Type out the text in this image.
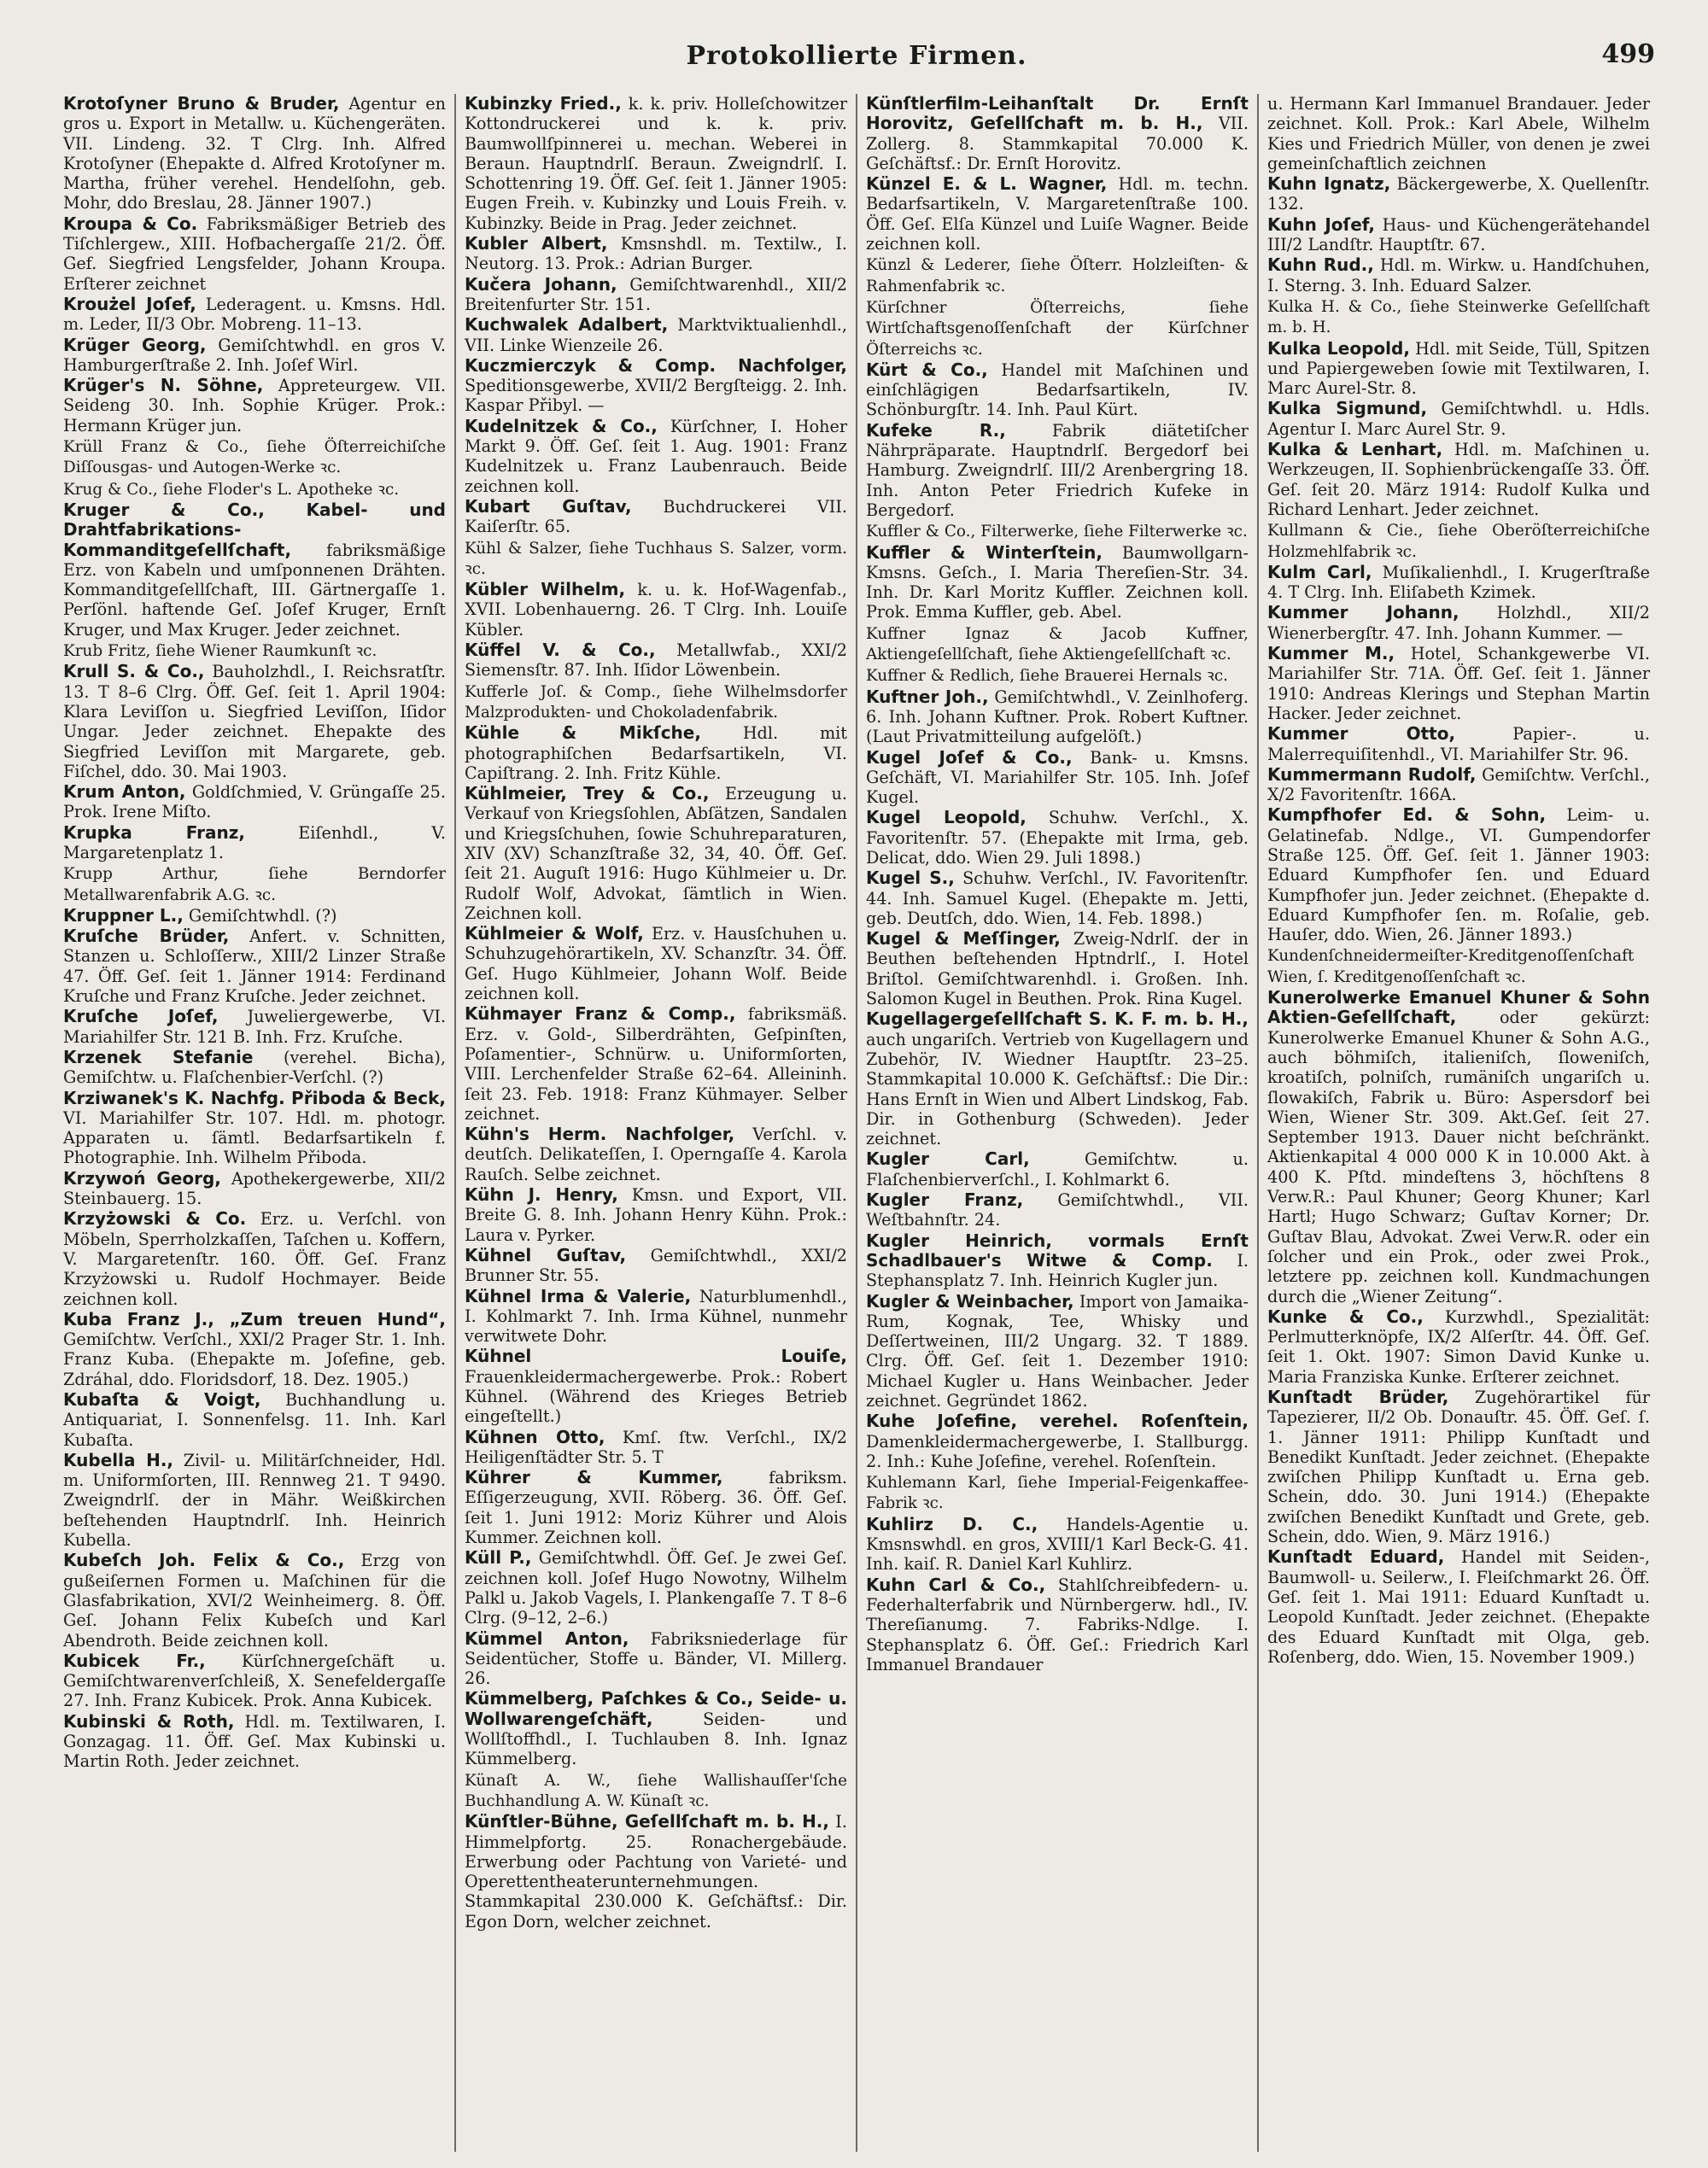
Protokollierte Firmen.	499

Krotoſyner Bruno & Bruder, Agentur en gros u. Export in Metallw. u. Küchengeräten. VII. Lindeng. 32. T Clrg. Inh. Alfred Krotoſyner (Ehepakte d. Alfred Krotoſyner m. Martha, früher verehel. Hendelſohn, geb. Mohr, ddo Breslau, 28. Jänner 1907.)

Kroupa & Co. Fabriksmäßiger Betrieb des Tiſchlergew., XIII. Hofbachergaſſe 21/2. Öff. Gef. Siegfried Lengsfelder, Johann Kroupa. Erſterer zeichnet

Kroużel Joſef, Lederagent. u. Kmsns. Hdl. m. Leder, II/3 Obr. Mobreng. 11–13.

Krüger Georg, Gemiſchtwhdl. en gros V. Hamburgerſtraße 2. Inh. Joſef Wirl.

Krüger's N. Söhne, Appreteurgew. VII. Seideng 30. Inh. Sophie Krüger. Prok.: Hermann Krüger jun.

Krüll Franz & Co., ſiehe Öſterreichiſche Diſſousgas- und Autogen-Werke ꝛc.

Krug & Co., ſiehe Floder's L. Apotheke ꝛc.

Kruger & Co., Kabel- und Drahtfabrikations-Kommanditgeſellſchaft, fabriksmäßige Erz. von Kabeln und umſponnenen Drähten. Kommanditgeſellſchaft, III. Gärtnergaſſe 1. Perſönl. haftende Geſ. Joſef Kruger, Ernſt Kruger, und Max Kruger. Jeder zeichnet.

Krub Fritz, ſiehe Wiener Raumkunſt ꝛc.

Krull S. & Co., Bauholzhdl., I. Reichsratſtr. 13. T 8–6 Clrg. Öff. Geſ. ſeit 1. April 1904: Klara Leviſſon u. Siegfried Leviſſon, Iſidor Ungar. Jeder zeichnet. Ehepakte des Siegfried Leviſſon mit Margarete, geb. Fiſchel, ddo. 30. Mai 1903.

Krum Anton, Goldſchmied, V. Grüngaſſe 25. Prok. Irene Miſto.

Krupka Franz,	Eiſenhdl., V. Margaretenplatz 1.

Krupp Arthur, ſiehe Berndorfer Metallwarenfabrik A.G. ꝛc.

Kruppner L., Gemiſchtwhdl. (?)

Kruſche Brüder, Anfert. v. Schnitten, Stanzen u. Schloſſerw., XIII/2 Linzer Straße 47. Öff. Geſ. ſeit 1. Jänner 1914: Ferdinand Kruſche und Franz Kruſche. Jeder zeichnet.

Kruſche Joſef, Juweliergewerbe, VI. Mariahilfer Str. 121 B. Inh. Frz. Kruſche.

Krzenek Stefanie (verehel. Bicha), Gemiſchtw. u. Flaſchenbier-Verſchl. (?)

Krziwanek's K. Nachfg. Přiboda & Beck, VI. Mariahilfer Str. 107. Hdl. m. photogr. Apparaten u. ſämtl. Bedarfsartikeln f. Photographie. Inh. Wilhelm Přiboda.

Krzywoń Georg, Apothekergewerbe, XII/2 Steinbauerg. 15.

Krzyżowski & Co. Erz. u. Verſchl. von Möbeln, Sperrholzkaſſen, Taſchen u. Koffern, V. Margaretenſtr. 160. Öff. Geſ. Franz Krzyżowski u. Rudolf Hochmayer. Beide zeichnen koll.

Kuba Franz J., „Zum treuen Hund“, Gemiſchtw. Verſchl., XXI/2 Prager Str. 1. Inh. Franz Kuba. (Ehepakte m. Joſefine, geb. Zdráhal, ddo. Floridsdorf, 18. Dez. 1905.)

Kubaſta & Voigt, Buchhandlung u. Antiquariat, I. Sonnenfelsg. 11. Inh. Karl Kubaſta.

Kubella H., Zivil- u. Militärſchneider, Hdl. m. Uniformſorten, III. Rennweg 21. T 9490. Zweigndrlſ. der in Mähr. Weißkirchen beſtehenden Hauptndrlſ. Inh. Heinrich Kubella.

Kubeſch Joh. Felix & Co., Erzg von gußeiſernen Formen u. Maſchinen für die Glasfabrikation, XVI/2 Weinheimerg. 8. Öff. Geſ. Johann Felix Kubeſch und Karl Abendroth. Beide zeichnen koll.

Kubicek Fr., Kürſchnergeſchäft u. Gemiſchtwarenverſchleiß, X. Senefeldergaſſe 27. Inh. Franz Kubicek. Prok. Anna Kubicek.

Kubinski & Roth, Hdl. m. Textilwaren, I. Gonzagag. 11. Öff. Geſ. Max Kubinski u. Martin Roth. Jeder zeichnet.

Kubinzky Fried., k. k. priv. Holleſchowitzer Kottondruckerei und k. k. priv. Baumwollſpinnerei u. mechan. Weberei in Beraun. Hauptndrlſ. Beraun. Zweigndrlſ. I. Schottenring 19. Öff. Geſ. ſeit 1. Jänner 1905: Eugen Freih. v. Kubinzky und Louis Freih. v. Kubinzky. Beide in Prag. Jeder zeichnet.

Kubler Albert, Kmsnshdl. m. Textilw., I. Neutorg. 13. Prok.: Adrian Burger.

Kučera Johann, Gemiſchtwarenhdl., XII/2 Breitenfurter Str. 151.

Kuchwalek Adalbert, Marktviktualienhdl., VII. Linke Wienzeile 26.

Kuczmierczyk & Comp. Nachfolger, Speditionsgewerbe, XVII/2 Bergſteigg. 2. Inh. Kaspar Přibyl. —

Kudelnitzek & Co., Kürſchner, I. Hoher Markt 9. Öff. Geſ. ſeit 1. Aug. 1901: Franz Kudelnitzek u. Franz Laubenrauch. Beide zeichnen koll.

Kubart Guſtav, Buchdruckerei VII. Kaiſerſtr. 65.

Kühl & Salzer, ſiehe Tuchhaus S. Salzer, vorm. ꝛc.

Kübler Wilhelm, k. u. k. Hof-Wagenfab., XVII. Lobenhauerng. 26. T Clrg. Inh. Louiſe Kübler.

Küffel V. & Co., Metallwfab., XXI/2 Siemensſtr. 87. Inh. Iſidor Löwenbein.

Kufferle Joſ. & Comp., ſiehe Wilhelmsdorfer Malzprodukten- und Chokoladenfabrik.

Kühle & Mikſche,	Hdl. mit photographiſchen Bedarfsartikeln, VI. Capiſtrang. 2. Inh. Fritz Kühle.

Kühlmeier, Trey & Co., Erzeugung u. Verkauf von Kriegsſohlen, Abſätzen, Sandalen und Kriegsſchuhen, ſowie Schuhreparaturen, XIV (XV) Schanzſtraße 32, 34, 40. Öff. Geſ. ſeit 21. Auguſt 1916: Hugo Kühlmeier u. Dr. Rudolf Wolf, Advokat, ſämtlich in Wien. Zeichnen koll.

Kühlmeier & Wolf, Erz. v. Hausſchuhen u. Schuhzugehörartikeln, XV. Schanzſtr. 34. Öff. Geſ. Hugo Kühlmeier, Johann Wolf. Beide zeichnen koll.

Kühmayer Franz & Comp., fabriksmäß. Erz. v. Gold-, Silberdrähten, Geſpinſten, Poſamentier-, Schnürw. u. Uniformſorten, VIII. Lerchenfelder Straße 62–64. Alleininh. ſeit 23. Feb. 1918: Franz Kühmayer. Selber zeichnet.

Kühn's Herm. Nachfolger, Verſchl. v. deutſch. Delikateſſen, I. Operngaſſe 4. Karola Rauſch. Selbe zeichnet.

Kühn J. Henry, Kmsn. und Export, VII. Breite G. 8. Inh. Johann Henry Kühn. Prok.: Laura v. Pyrker.

Kühnel Guſtav, Gemiſchtwhdl., XXI/2 Brunner Str. 55.

Kühnel Irma & Valerie, Naturblumenhdl., I. Kohlmarkt 7. Inh. Irma Kühnel, nunmehr verwitwete Dohr.

Kühnel Louiſe, Frauenkleidermachergewerbe. Prok.: Robert Kühnel. (Während des Krieges Betrieb eingeſtellt.)

Kühnen Otto, Kmſ. ſtw. Verſchl., IX/2 Heiligenſtädter Str. 5. T

Kührer & Kummer,	fabriksm. Eſſigerzeugung, XVII. Röberg. 36. Öff. Geſ. ſeit 1. Juni 1912: Moriz Kührer und Alois Kummer. Zeichnen koll.

Küll P., Gemiſchtwhdl. Öff. Geſ. Je zwei Geſ. zeichnen koll. Joſef Hugo Nowotny, Wilhelm Palkl u. Jakob Vagels, I. Plankengaſſe 7. T 8–6 Clrg. (9–12, 2–6.)

Kümmel Anton, Fabriksniederlage für Seidentücher, Stoffe u. Bänder, VI. Millerg. 26.

Kümmelberg, Paſchkes & Co., Seide- u. Wollwarengeſchäft,	Seiden- und Wollſtoffhdl., I. Tuchlauben 8. Inh. Ignaz Kümmelberg.

Künaſt A. W., ſiehe Wallishauſſer'ſche Buchhandlung A. W. Künaſt ꝛc.

Künſtler-Bühne, Geſellſchaft m. b. H., I. Himmelpfortg. 25. Ronachergebäude. Erwerbung oder Pachtung von Varieté- und Operettentheaterunternehmungen. Stammkapital 230.000 K. Geſchäftsf.: Dir. Egon Dorn, welcher zeichnet.

Künſtlerfilm-Leihanſtalt Dr. Ernſt Horovitz, Geſellſchaft m. b. H., VII. Zollerg. 8. Stammkapital 70.000 K. Geſchäftsf.: Dr. Ernſt Horovitz.

Künzel E. & L. Wagner, Hdl. m. techn. Bedarfsartikeln, V. Margaretenſtraße 100. Öff. Geſ. Elſa Künzel und Luiſe Wagner. Beide zeichnen koll.

Künzl & Lederer, ſiehe Öſterr. Holzleiſten- & Rahmenfabrik ꝛc.

Kürſchner Öſterreichs, ſiehe Wirtſchaftsgenoſſenſchaft der Kürſchner Öſterreichs ꝛc.

Kürt & Co., Handel mit Maſchinen und einſchlägigen Bedarfsartikeln, IV. Schönburgſtr. 14. Inh. Paul Kürt.

Kufeke R.,	Fabrik diätetiſcher Nährpräparate. Hauptndrlſ. Bergedorf bei Hamburg. Zweigndrlſ. III/2 Arenbergring 18. Inh. Anton Peter Friedrich Kufeke in Bergedorf.

Kuffler & Co., Filterwerke, ſiehe Filterwerke ꝛc.

Kuffler & Winterſtein, Baumwollgarn-Kmsns. Geſch., I. Maria Thereſien-Str. 34. Inh. Dr. Karl Moritz Kuffler. Zeichnen koll. Prok. Emma Kuffler, geb. Abel.

Kuffner Ignaz & Jacob Kuffner, Aktiengeſellſchaft, ſiehe Aktiengeſellſchaft ꝛc.

Kuffner & Redlich, ſiehe Brauerei Hernals ꝛc.

Kuftner Joh., Gemiſchtwhdl., V. Zeinlhoferg. 6. Inh. Johann Kuftner. Prok. Robert Kuftner. (Laut Privatmitteilung aufgelöſt.)

Kugel Joſef & Co., Bank- u. Kmsns. Geſchäft, VI. Mariahilfer Str. 105. Inh. Joſef Kugel.

Kugel Leopold, Schuhw. Verſchl., X. Favoritenſtr. 57. (Ehepakte mit Irma, geb. Delicat, ddo. Wien 29. Juli 1898.)

Kugel S., Schuhw. Verſchl., IV. Favoritenſtr. 44. Inh. Samuel Kugel. (Ehepakte m. Jetti, geb. Deutſch, ddo. Wien, 14. Feb. 1898.)

Kugel & Meſſinger, Zweig-Ndrlſ. der in Beuthen beſtehenden Hptndrlſ., I. Hotel Briſtol. Gemiſchtwarenhdl. i. Großen. Inh. Salomon Kugel in Beuthen. Prok. Rina Kugel.

Kugellagergeſellſchaft S. K. F. m. b. H., auch ungariſch. Vertrieb von Kugellagern und Zubehör, IV. Wiedner Hauptſtr. 23–25. Stammkapital 10.000 K. Geſchäftsf.: Die Dir.: Hans Ernſt in Wien und Albert Lindskog, Fab. Dir. in Gothenburg (Schweden). Jeder zeichnet.

Kugler Carl,	Gemiſchtw. u. Flaſchenbierverſchl., I. Kohlmarkt 6.

Kugler Franz, Gemiſchtwhdl., VII. Weſtbahnſtr. 24.

Kugler Heinrich, vormals Ernſt Schadlbauer's Witwe & Comp. I. Stephansplatz 7. Inh. Heinrich Kugler jun.

Kugler & Weinbacher, Import von Jamaika-Rum, Kognak, Tee, Whisky und Deſſertweinen, III/2 Ungarg. 32. T 1889. Clrg. Öff. Geſ. ſeit 1. Dezember 1910: Michael Kugler u. Hans Weinbacher. Jeder zeichnet. Gegründet 1862.

Kuhe Joſefine, verehel. Roſenſtein, Damenkleidermachergewerbe, I. Stallburgg. 2. Inh.: Kuhe Joſefine, verehel. Roſenſtein.

Kuhlemann Karl, ſiehe Imperial-Feigenkaffee-Fabrik ꝛc.

Kuhlirz D. C., Handels-Agentie u. Kmsnswhdl. en gros, XVIII/1 Karl Beck-G. 41. Inh. kaiſ. R. Daniel Karl Kuhlirz.

Kuhn Carl & Co., Stahlſchreibfedern- u. Federhalterfabrik und Nürnbergerw. hdl., IV. Thereſianumg. 7. Fabriks-Ndlge. I. Stephansplatz 6. Öff. Geſ.: Friedrich Karl Immanuel Brandauer

u. Hermann Karl Immanuel Brandauer. Jeder zeichnet. Koll. Prok.: Karl Abele, Wilhelm Kies und Friedrich Müller, von denen je zwei gemeinſchaftlich zeichnen

Kuhn Ignatz, Bäckergewerbe, X. Quellenſtr. 132.

Kuhn Joſef, Haus- und Küchengerätehandel III/2 Landſtr. Hauptſtr. 67.

Kuhn Rud., Hdl. m. Wirkw. u. Handſchuhen, I. Sterng. 3. Inh. Eduard Salzer.

Kulka H. & Co., ſiehe Steinwerke Geſellſchaft m. b. H.

Kulka Leopold, Hdl. mit Seide, Tüll, Spitzen und Papiergeweben ſowie mit Textilwaren, I. Marc Aurel-Str. 8.

Kulka Sigmund, Gemiſchtwhdl. u. Hdls. Agentur I. Marc Aurel Str. 9.

Kulka & Lenhart, Hdl. m. Maſchinen u. Werkzeugen, II. Sophienbrückengaſſe 33. Öff. Geſ. ſeit 20. März 1914: Rudolf Kulka und Richard Lenhart. Jeder zeichnet.

Kullmann & Cie., ſiehe Oberöſterreichiſche Holzmehlfabrik ꝛc.

Kulm Carl, Muſikalienhdl., I. Krugerſtraße 4. T Clrg. Inh. Eliſabeth Kzimek.

Kummer Johann, Holzhdl., XII/2 Wienerbergſtr. 47. Inh. Johann Kummer. —

Kummer M., Hotel, Schankgewerbe VI. Mariahilfer Str. 71A. Öff. Geſ. ſeit 1. Jänner 1910: Andreas Klerings und Stephan Martin Hacker. Jeder zeichnet.

Kummer Otto,	Papier-. u. Malerrequiſitenhdl., VI. Mariahilfer Str. 96.

Kummermann Rudolf, Gemiſchtw. Verſchl., X/2 Favoritenſtr. 166A.

Kumpfhofer Ed. & Sohn, Leim- u. Gelatinefab. Ndlge., VI. Gumpendorfer Straße 125. Öff. Geſ. ſeit 1. Jänner 1903: Eduard Kumpfhofer ſen. und Eduard Kumpfhofer jun. Jeder zeichnet. (Ehepakte d. Eduard Kumpfhofer ſen. m. Roſalie, geb. Hauſer, ddo. Wien, 26. Jänner 1893.)

Kundenſchneidermeiſter-Kreditgenoſſenſchaft Wien, ſ. Kreditgenoſſenſchaft ꝛc.

Kunerolwerke Emanuel Khuner & Sohn Aktien-Geſellſchaft,	oder gekürzt: Kunerolwerke Emanuel Khuner & Sohn A.G., auch böhmiſch, italieniſch, ſloweniſch, kroatiſch, polniſch, rumäniſch ungariſch u. ſlowakiſch, Fabrik u. Büro: Aspersdorf bei Wien, Wiener Str. 309. Akt.Geſ. ſeit 27. September 1913. Dauer nicht beſchränkt. Aktienkapital 4 000 000 K in 10.000 Akt. à 400 K. Pſtd. mindeſtens 3, höchſtens 8 Verw.R.: Paul Khuner; Georg Khuner; Karl Hartl; Hugo Schwarz; Guſtav Korner; Dr. Guſtav Blau, Advokat. Zwei Verw.R. oder ein ſolcher und ein Prok., oder zwei Prok., letztere pp. zeichnen koll. Kundmachungen durch die „Wiener Zeitung“.

Kunke & Co., Kurzwhdl., Spezialität: Perlmutterknöpfe, IX/2 Alſerſtr. 44. Öff. Geſ. ſeit 1. Okt. 1907: Simon David Kunke u. Maria Franziska Kunke. Erſterer zeichnet.

Kunſtadt Brüder, Zugehörartikel für Tapezierer, II/2 Ob. Donauſtr. 45. Öff. Geſ. ſ. 1. Jänner 1911: Philipp Kunſtadt und Benedikt Kunſtadt. Jeder zeichnet. (Ehepakte zwiſchen Philipp Kunſtadt u. Erna geb. Schein, ddo. 30. Juni 1914.) (Ehepakte zwiſchen Benedikt Kunſtadt und Grete, geb. Schein, ddo. Wien, 9. März 1916.)

Kunſtadt Eduard, Handel mit Seiden-, Baumwoll- u. Seilerw., I. Fleiſchmarkt 26. Öff. Geſ. ſeit 1. Mai 1911: Eduard Kunſtadt u. Leopold Kunſtadt. Jeder zeichnet. (Ehepakte des Eduard Kunſtadt mit Olga, geb. Roſenberg, ddo. Wien, 15. November 1909.)
